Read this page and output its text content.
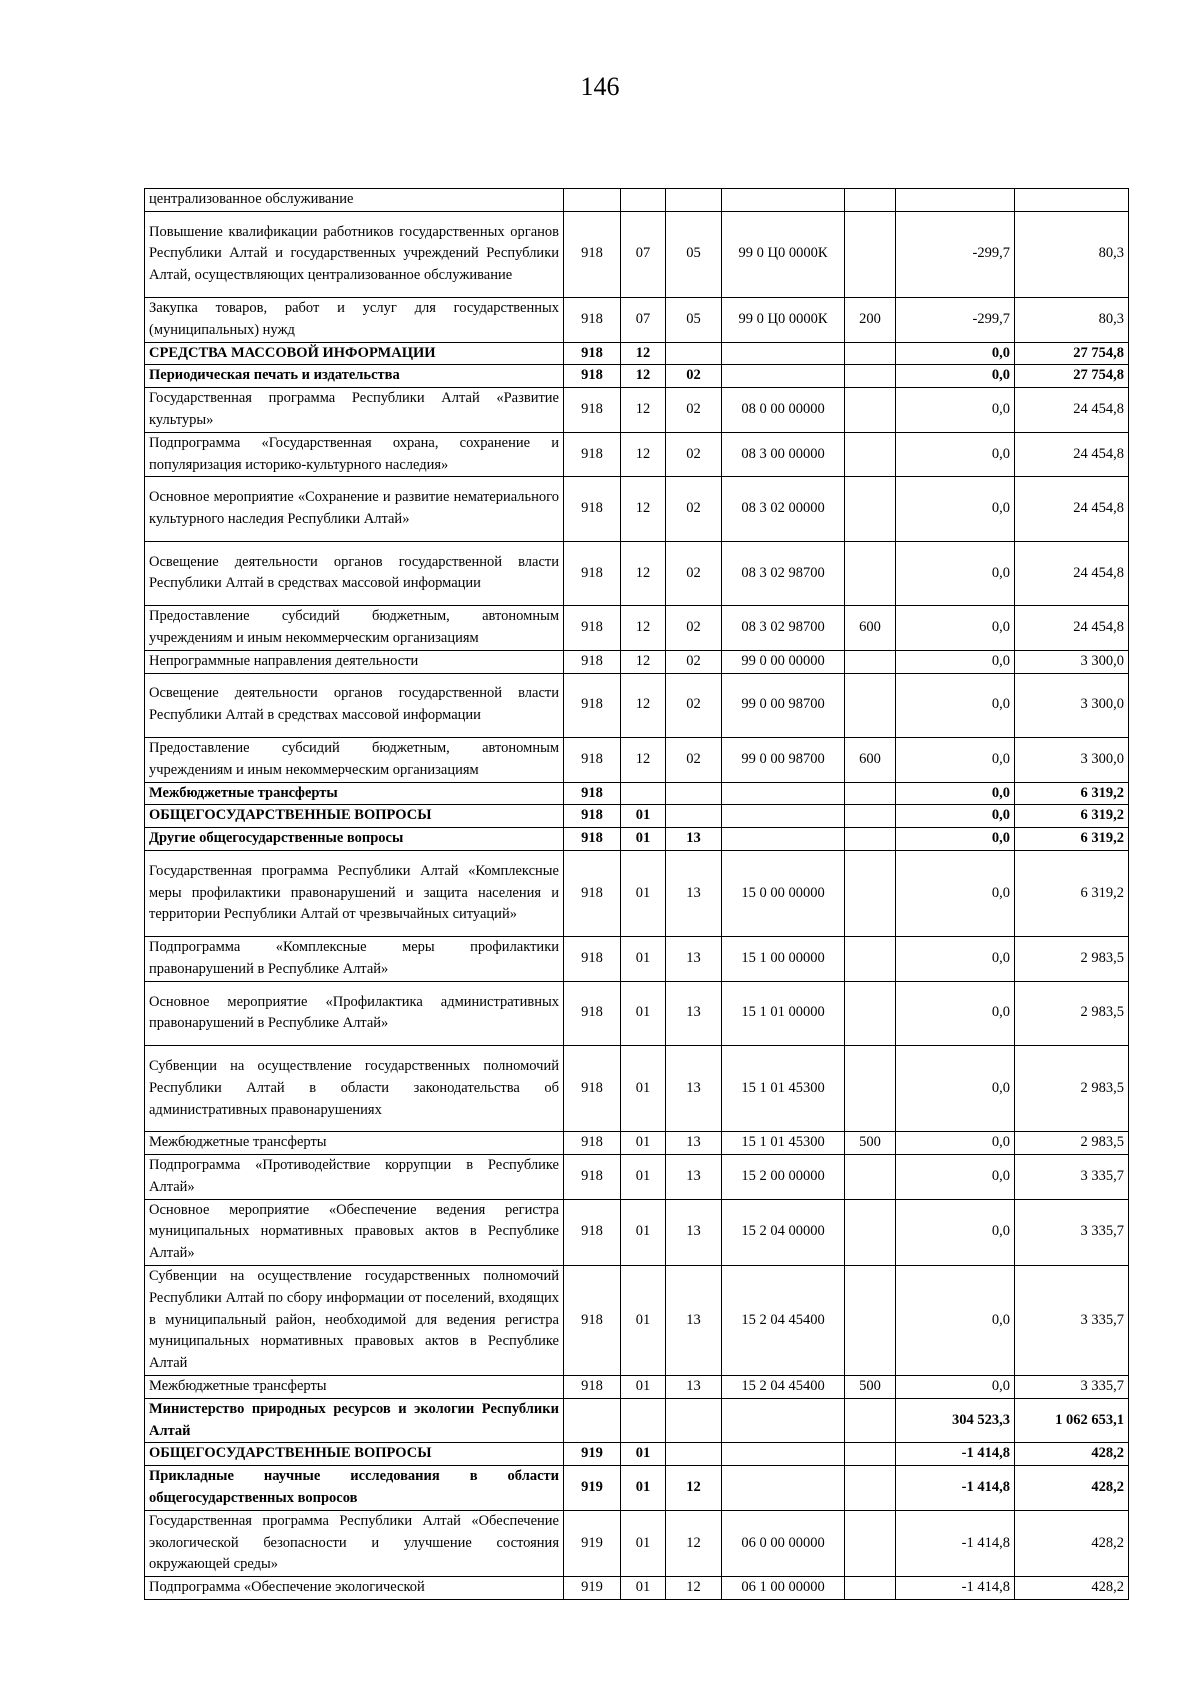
146
централизованное обслуживание							
Повышение квалификации работников государственных органов Республики Алтай и государственных учреждений Республики Алтай, осуществляющих централизованное обслуживание	918	07	05	99 0 Ц0 0000К		-299,7	80,3
Закупка товаров, работ и услуг для государственных (муниципальных) нужд	918	07	05	99 0 Ц0 0000К	200	-299,7	80,3
СРЕДСТВА МАССОВОЙ ИНФОРМАЦИИ	918	12				0,0	27 754,8
Периодическая печать и издательства	918	12	02			0,0	27 754,8
Государственная программа Республики Алтай «Развитие культуры»	918	12	02	08 0 00 00000		0,0	24 454,8
Подпрограмма «Государственная охрана, сохранение и популяризация историко-культурного наследия»	918	12	02	08 3 00 00000		0,0	24 454,8
Основное мероприятие «Сохранение и развитие нематериального культурного наследия Республики Алтай»	918	12	02	08 3 02 00000		0,0	24 454,8
Освещение деятельности органов государственной власти Республики Алтай в средствах массовой информации	918	12	02	08 3 02 98700		0,0	24 454,8
Предоставление субсидий бюджетным, автономным учреждениям и иным некоммерческим организациям	918	12	02	08 3 02 98700	600	0,0	24 454,8
Непрограммные направления деятельности	918	12	02	99 0 00 00000		0,0	3 300,0
Освещение деятельности органов государственной власти Республики Алтай в средствах массовой информации	918	12	02	99 0 00 98700		0,0	3 300,0
Предоставление субсидий бюджетным, автономным учреждениям и иным некоммерческим организациям	918	12	02	99 0 00 98700	600	0,0	3 300,0
Межбюджетные трансферты	918					0,0	6 319,2
ОБЩЕГОСУДАРСТВЕННЫЕ ВОПРОСЫ	918	01				0,0	6 319,2
Другие общегосударственные вопросы	918	01	13			0,0	6 319,2
Государственная программа Республики Алтай «Комплексные меры профилактики правонарушений и защита населения и территории Республики Алтай от чрезвычайных ситуаций»	918	01	13	15 0 00 00000		0,0	6 319,2
Подпрограмма «Комплексные меры профилактики правонарушений в Республике Алтай»	918	01	13	15 1 00 00000		0,0	2 983,5
Основное мероприятие «Профилактика административных правонарушений в Республике Алтай»	918	01	13	15 1 01 00000		0,0	2 983,5
Субвенции на осуществление государственных полномочий Республики Алтай в области законодательства об административных правонарушениях	918	01	13	15 1 01 45300		0,0	2 983,5
Межбюджетные трансферты	918	01	13	15 1 01 45300	500	0,0	2 983,5
Подпрограмма «Противодействие коррупции в Республике Алтай»	918	01	13	15 2 00 00000		0,0	3 335,7
Основное мероприятие «Обеспечение ведения регистра муниципальных нормативных правовых актов в Республике Алтай»	918	01	13	15 2 04 00000		0,0	3 335,7
Субвенции на осуществление государственных полномочий Республики Алтай по сбору информации от поселений, входящих в муниципальный район, необходимой для ведения регистра муниципальных нормативных правовых актов в Республике Алтай	918	01	13	15 2 04 45400		0,0	3 335,7
Межбюджетные трансферты	918	01	13	15 2 04 45400	500	0,0	3 335,7
Министерство природных ресурсов и экологии Республики Алтай						304 523,3	1 062 653,1
ОБЩЕГОСУДАРСТВЕННЫЕ ВОПРОСЫ	919	01				-1 414,8	428,2
Прикладные научные исследования в области общегосударственных вопросов	919	01	12			-1 414,8	428,2
Государственная программа Республики Алтай «Обеспечение экологической безопасности и улучшение состояния окружающей среды»	919	01	12	06 0 00 00000		-1 414,8	428,2
Подпрограмма «Обеспечение экологической	919	01	12	06 1 00 00000		-1 414,8	428,2
